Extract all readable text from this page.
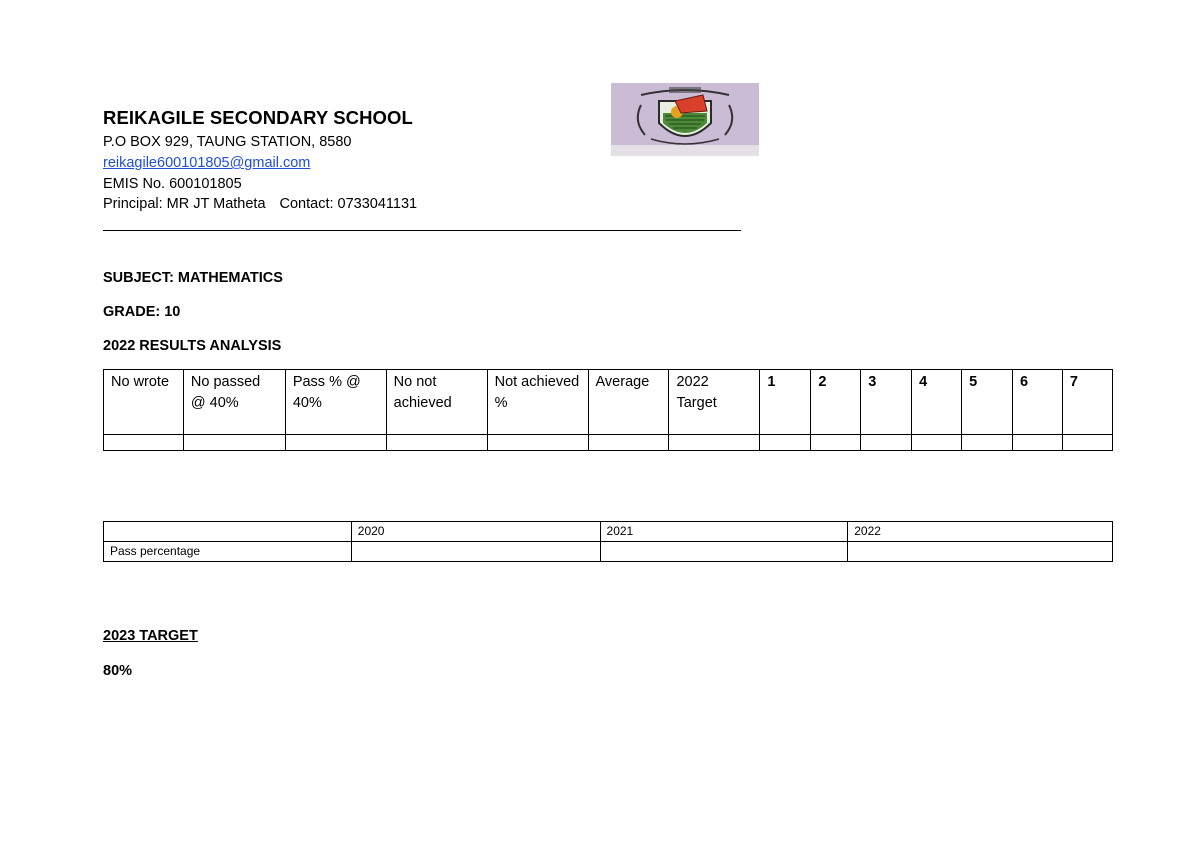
REIKAGILE SECONDARY SCHOOL
P.O BOX 929, TAUNG STATION, 8580
reikagile600101805@gmail.com
EMIS No. 600101805
Principal: MR JT Matheta Contact: 0733041131
SUBJECT: MATHEMATICS
GRADE: 10
2022 RESULTS ANALYSIS
No wrote	No passed @ 40%	Pass % @ 40%	No not achieved	Not achieved %	Average	2022 Target	1	2	3	4	5	6	7

	2020	2021	2022
Pass percentage			
2023 TARGET
80%
